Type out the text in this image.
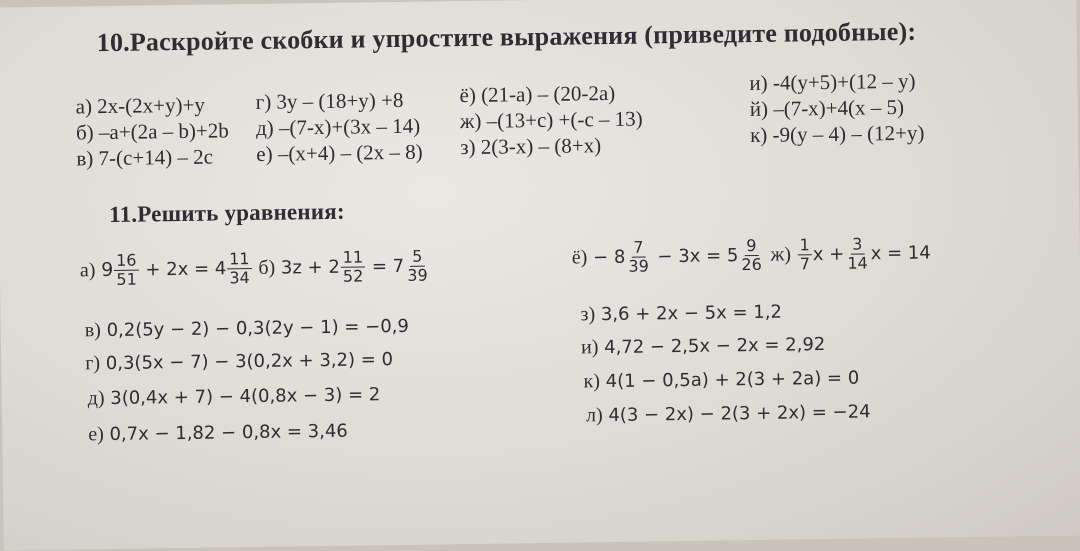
10.Раскройте скобки и упростите выражения (приведите подобные):
а) 2x-(2x+y)+y
б) –a+(2a – b)+2b
в) 7-(c+14) – 2c
г) 3y – (18+y) +8
д) –(7-x)+(3x – 14)
е) –(x+4) – (2x – 8)
ё) (21-a) – (20-2a)
ж) –(13+c) +(-c – 13)
з) 2(3-x) – (8+x)
и) -4(y+5)+(12 – y)
й) –(7-x)+4(x – 5)
к) -9(y – 4) – (12+y)
11.Решить уравнения:
а) $9 \frac{16}{51} + 2x = 4 \frac{11}{34} б$) $3z + 2 \frac{11}{52} = 7 \frac{5}{39}$	$ё) - 8 \frac{7}{39} - 3x = 5 \frac{9}{26} ж) \frac{1}{7}$ $x + \frac{3}{14}$ x = 14
в) 0,2(5y − 2) − 0,3(2y − 1) = −0,9
г) 0,3(5x − 7) − 3(0,2x + 3,2) = 0
д) 3(0,4x + 7) − 4(0,8x − 3) = 2
е) 0,7x − 1,82 − 0,8x = 3,46
з) 3,6 + 2x − 5x = 1,2
и) 4,72 − 2,5x − 2x = 2,92
к) 4(1 − 0,5a) + 2(3 + 2a) = 0
л) 4(3 − 2x) − 2(3 + 2x) = −24
